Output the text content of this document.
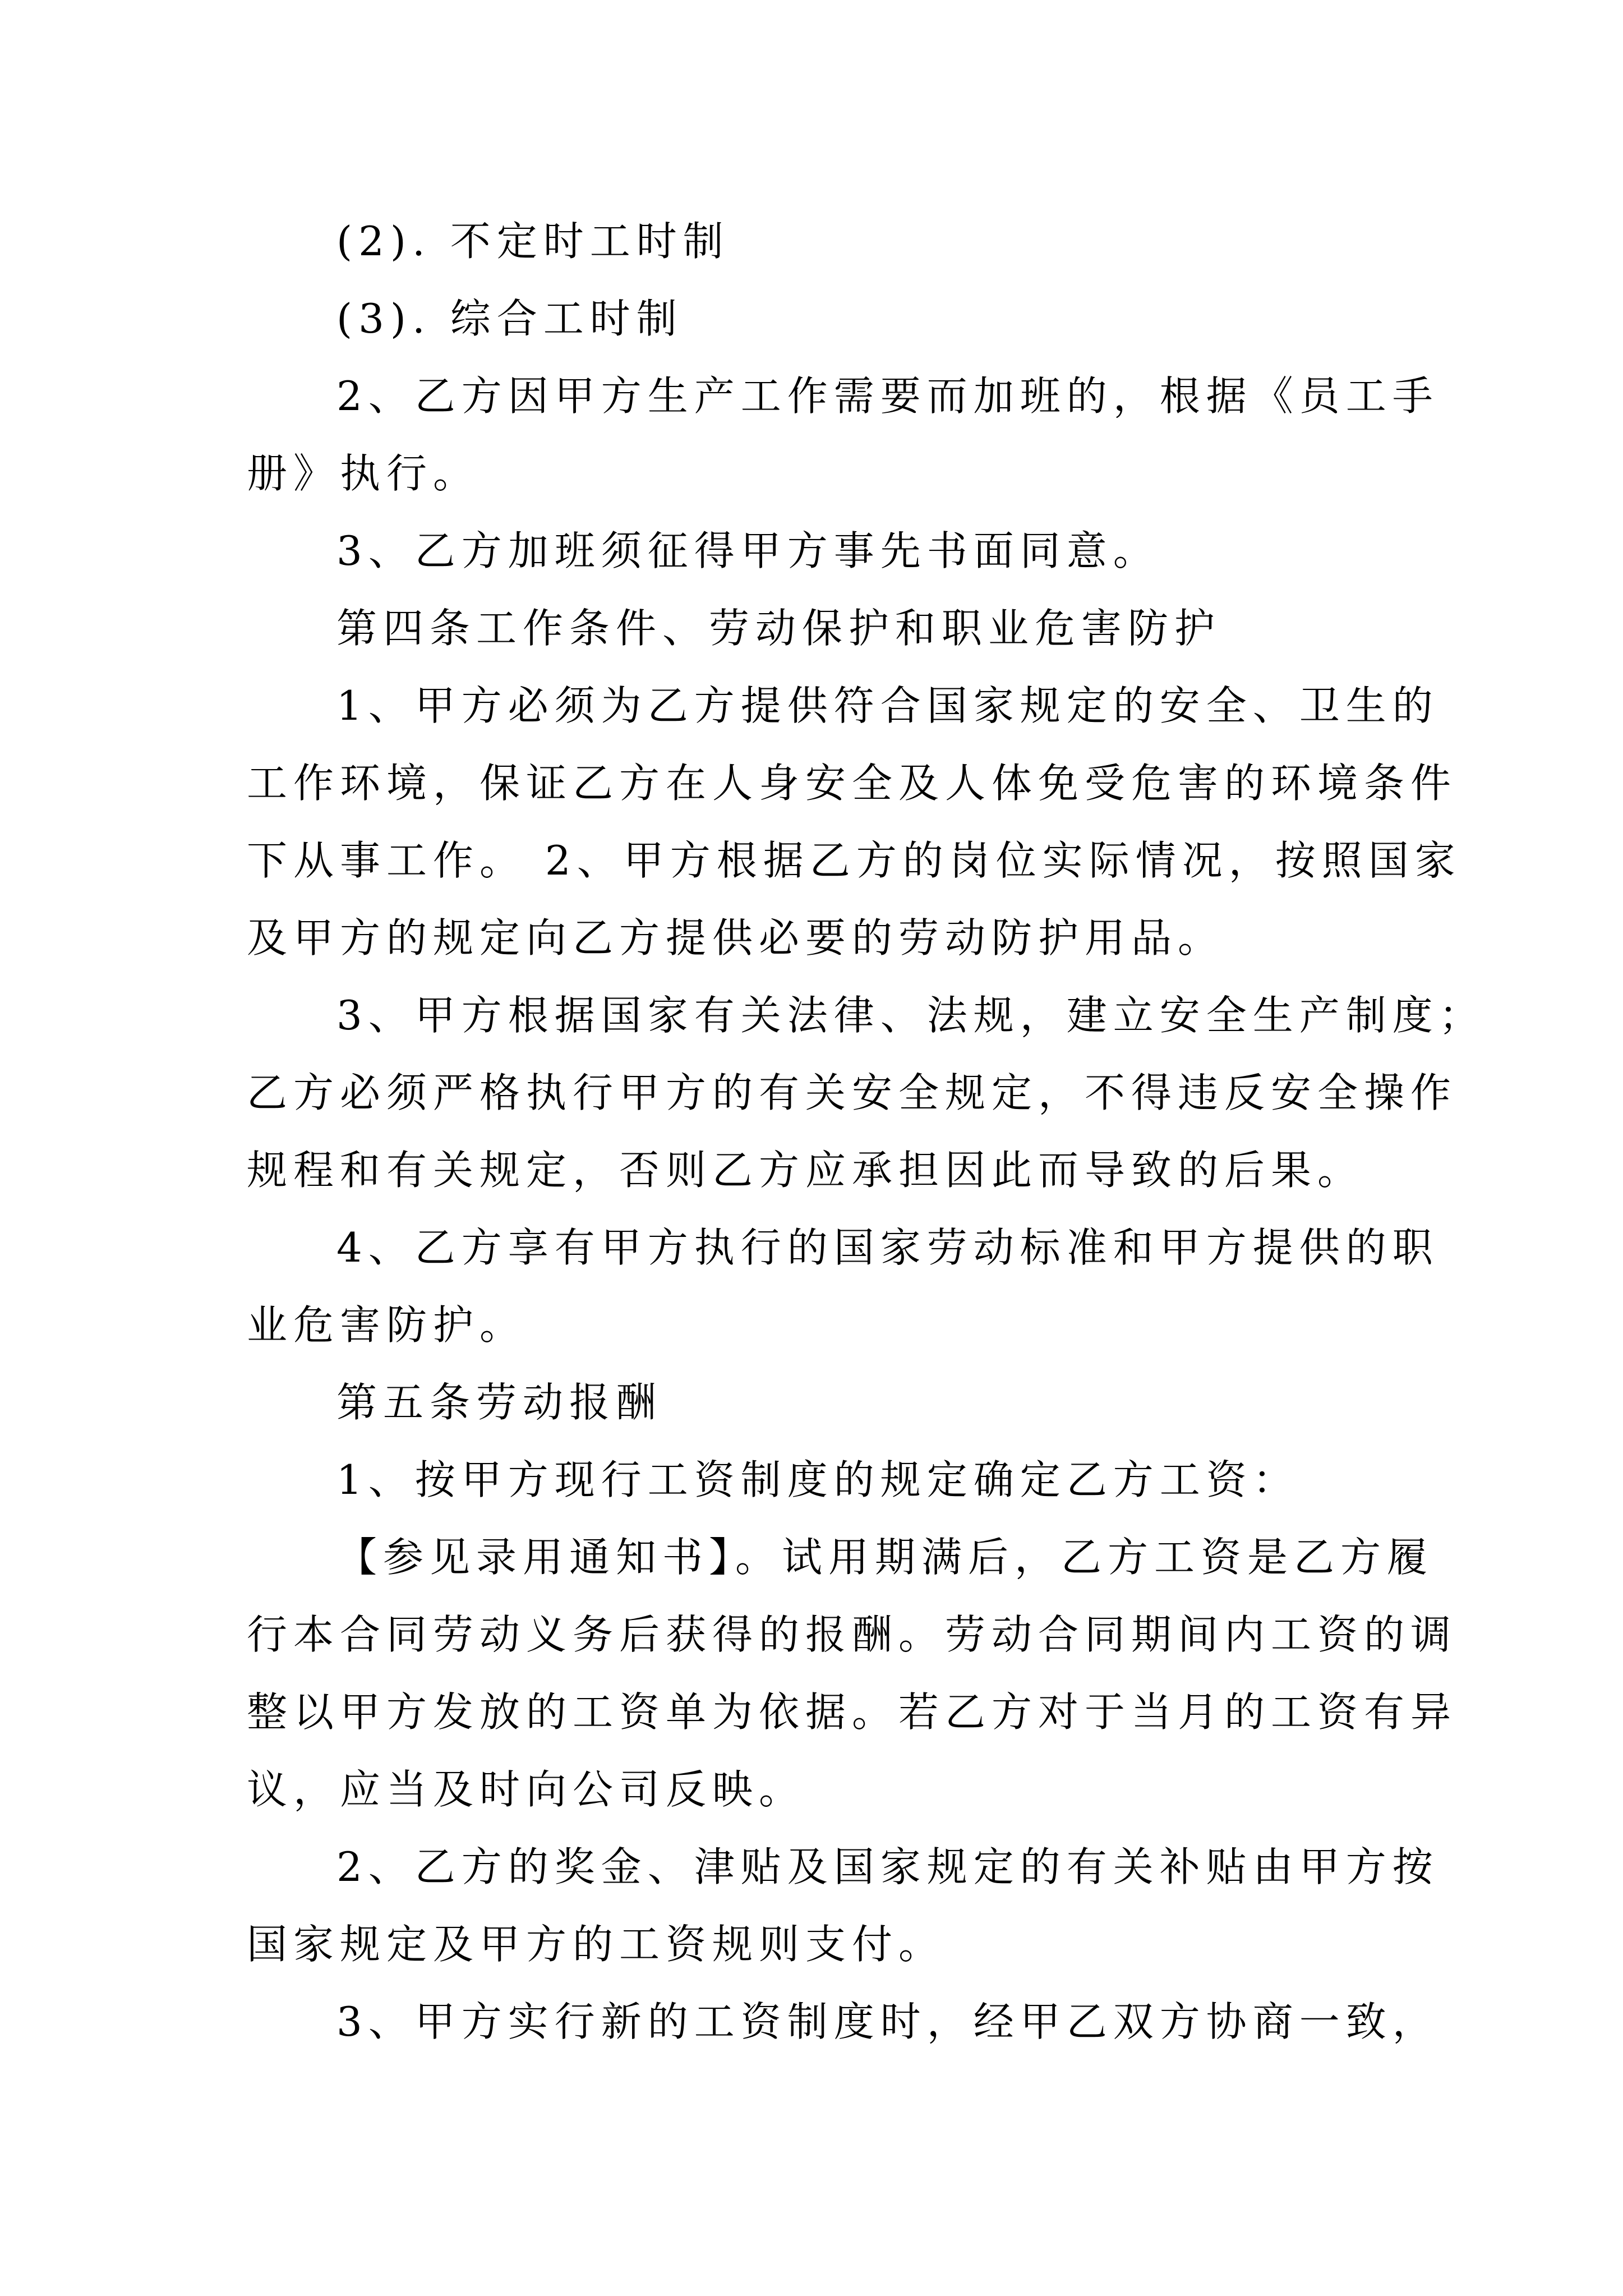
(2). 不定时工时制

(3). 综合工时制

2、乙方因甲方生产工作需要而加班的，根据《员工手

册》执行。

3、乙方加班须征得甲方事先书面同意。

第四条工作条件、劳动保护和职业危害防护

1、甲方必须为乙方提供符合国家规定的安全、卫生的

工作环境，保证乙方在人身安全及人体免受危害的环境条件

下从事工作。 2、甲方根据乙方的岗位实际情况，按照国家

及甲方的规定向乙方提供必要的劳动防护用品。

3、甲方根据国家有关法律、法规，建立安全生产制度；

乙方必须严格执行甲方的有关安全规定，不得违反安全操作

规程和有关规定，否则乙方应承担因此而导致的后果。

4、乙方享有甲方执行的国家劳动标准和甲方提供的职

业危害防护。

第五条劳动报酬

1、按甲方现行工资制度的规定确定乙方工资：

【参见录用通知书】。试用期满后，乙方工资是乙方履

行本合同劳动义务后获得的报酬。劳动合同期间内工资的调

整以甲方发放的工资单为依据。若乙方对于当月的工资有异

议，应当及时向公司反映。

2、乙方的奖金、津贴及国家规定的有关补贴由甲方按

国家规定及甲方的工资规则支付。

3、甲方实行新的工资制度时，经甲乙双方协商一致，
